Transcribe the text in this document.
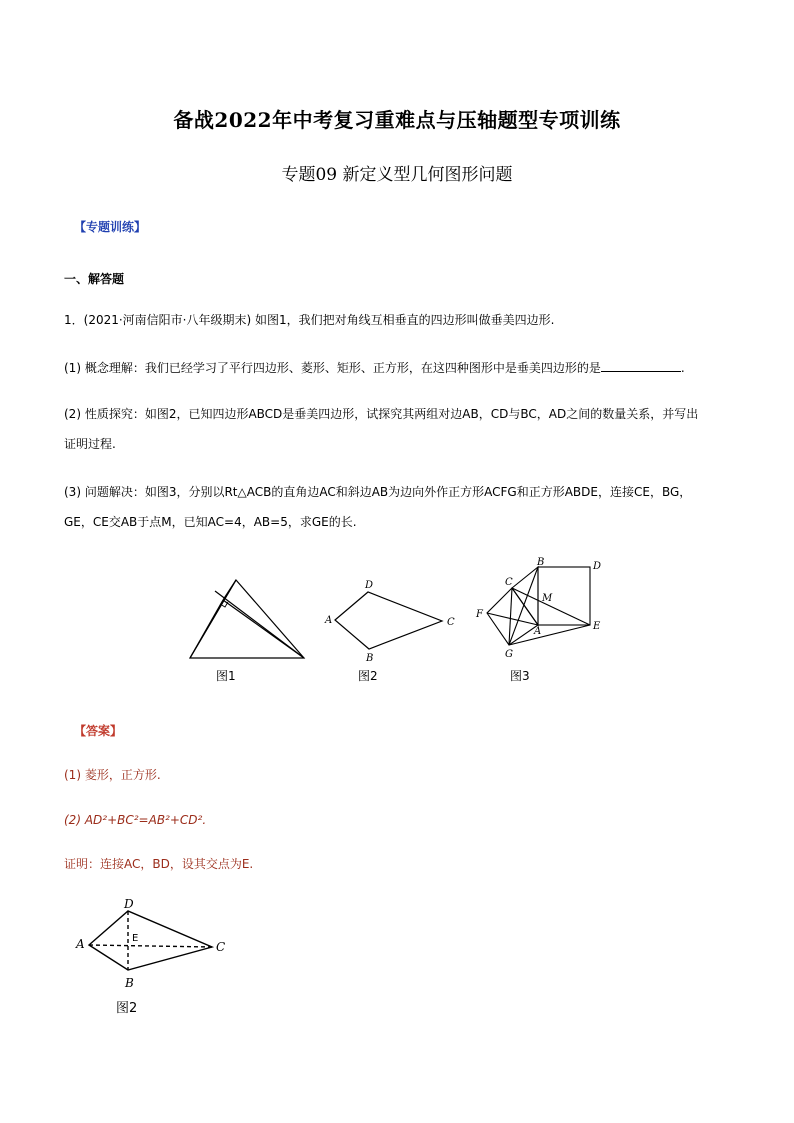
备战2022年中考复习重难点与压轴题型专项训练
专题09 新定义型几何图形问题
【专题训练】
一、解答题
1．(2021·河南信阳市·八年级期末) 如图1，我们把对角线互相垂直的四边形叫做垂美四边形.
(1) 概念理解：我们已经学习了平行四边形、菱形、矩形、正方形，在这四种图形中是垂美四边形的是	.
(2) 性质探究：如图2，已知四边形ABCD是垂美四边形，试探究其两组对边AB，CD与BC，AD之间的数量关系，并写出
证明过程.
(3) 问题解决：如图3，分别以Rt△ACB的直角边AC和斜边AB为边向外作正方形ACFG和正方形ABDE，连接CE，BG，
GE，CE交AB于点M，已知AC=4，AB=5，求GE的长.
图1
D
A	C
B
图2
B	D
C
M
F
A	E
G
图3
【答案】
(1) 菱形，正方形.
(2) AD²+BC²=AB²+CD².
证明：连接AC，BD，设其交点为E.
D
A	E
C
B
图2
